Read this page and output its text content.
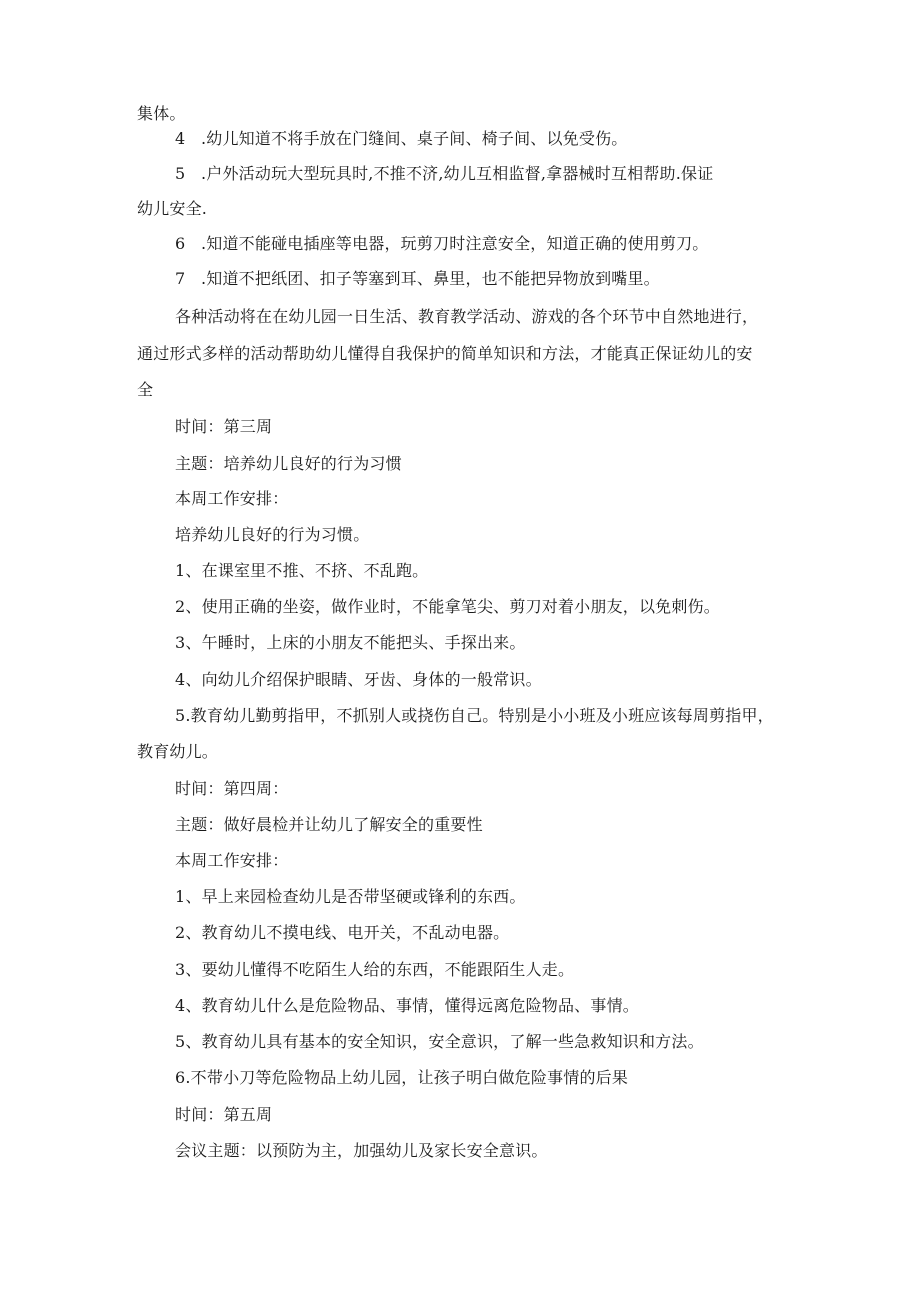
集体。
4 .幼儿知道不将手放在门缝间、桌子间、椅子间、以免受伤。
5 .户外活动玩大型玩具时,不推不济,幼儿互相监督,拿器械时互相帮助.保证
幼儿安全.
6 .知道不能碰电插座等电器，玩剪刀时注意安全，知道正确的使用剪刀。
7 .知道不把纸团、扣子等塞到耳、鼻里，也不能把异物放到嘴里。
各种活动将在在幼儿园一日生活、教育教学活动、游戏的各个环节中自然地进行，
通过形式多样的活动帮助幼儿懂得自我保护的简单知识和方法，才能真正保证幼儿的安
全
时间：第三周
主题：培养幼儿良好的行为习惯
本周工作安排：
培养幼儿良好的行为习惯。
1、在课室里不推、不挤、不乱跑。
2、使用正确的坐姿，做作业时，不能拿笔尖、剪刀对着小朋友，以免刺伤。
3、午睡时，上床的小朋友不能把头、手探出来。
4、向幼儿介绍保护眼睛、牙齿、身体的一般常识。
5.教育幼儿勤剪指甲，不抓别人或挠伤自己。特别是小小班及小班应该每周剪指甲，
教育幼儿。
时间：第四周：
主题：做好晨检并让幼儿了解安全的重要性
本周工作安排：
1、早上来园检查幼儿是否带坚硬或锋利的东西。
2、教育幼儿不摸电线、电开关，不乱动电器。
3、要幼儿懂得不吃陌生人给的东西，不能跟陌生人走。
4、教育幼儿什么是危险物品、事情，懂得远离危险物品、事情。
5、教育幼儿具有基本的安全知识，安全意识，了解一些急救知识和方法。
6.不带小刀等危险物品上幼儿园，让孩子明白做危险事情的后果
时间：第五周
会议主题：以预防为主，加强幼儿及家长安全意识。
